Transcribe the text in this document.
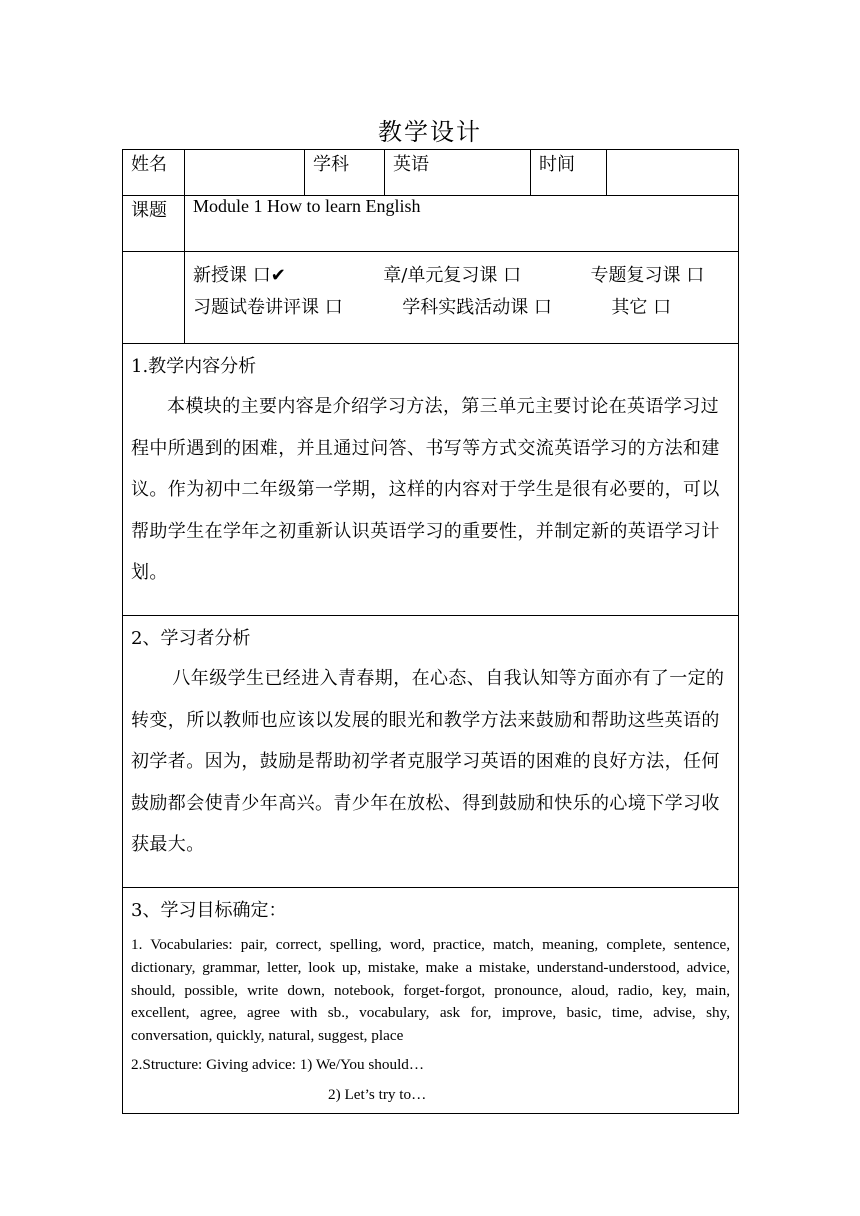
教学设计
姓名		学科	英语	时间	
课题	Module 1 How to learn English				

	新授课 口✔ 章/单元复习课 口 专题复习课 口
习题试卷讲评课 口 学科实践活动课 口 其它 口				

1.教学内容分析
本模块的主要内容是介绍学习方法，第三单元主要讨论在英语学习过程中所遇到的困难，并且通过问答、书写等方式交流英语学习的方法和建议。作为初中二年级第一学期，这样的内容对于学生是很有必要的，可以帮助学生在学年之初重新认识英语学习的重要性，并制定新的英语学习计划。					

2、学习者分析
八年级学生已经进入青春期，在心态、自我认知等方面亦有了一定的转变，所以教师也应该以发展的眼光和教学方法来鼓励和帮助这些英语的初学者。因为，鼓励是帮助初学者克服学习英语的困难的良好方法，任何鼓励都会使青少年高兴。青少年在放松、得到鼓励和快乐的心境下学习收获最大。					

3、学习目标确定：
1. Vocabularies: pair, correct, spelling, word, practice, match, meaning, complete, sentence, dictionary, grammar, letter, look up, mistake, make a mistake, understand-understood, advice, should, possible, write down, notebook, forget-forgot, pronounce, aloud, radio, key, main, excellent, agree, agree with sb., vocabulary, ask for, improve, basic, time, advise, shy, conversation, quickly, natural, suggest, place
2.Structure: Giving advice: 1) We/You should…
2) Let’s try to…					
